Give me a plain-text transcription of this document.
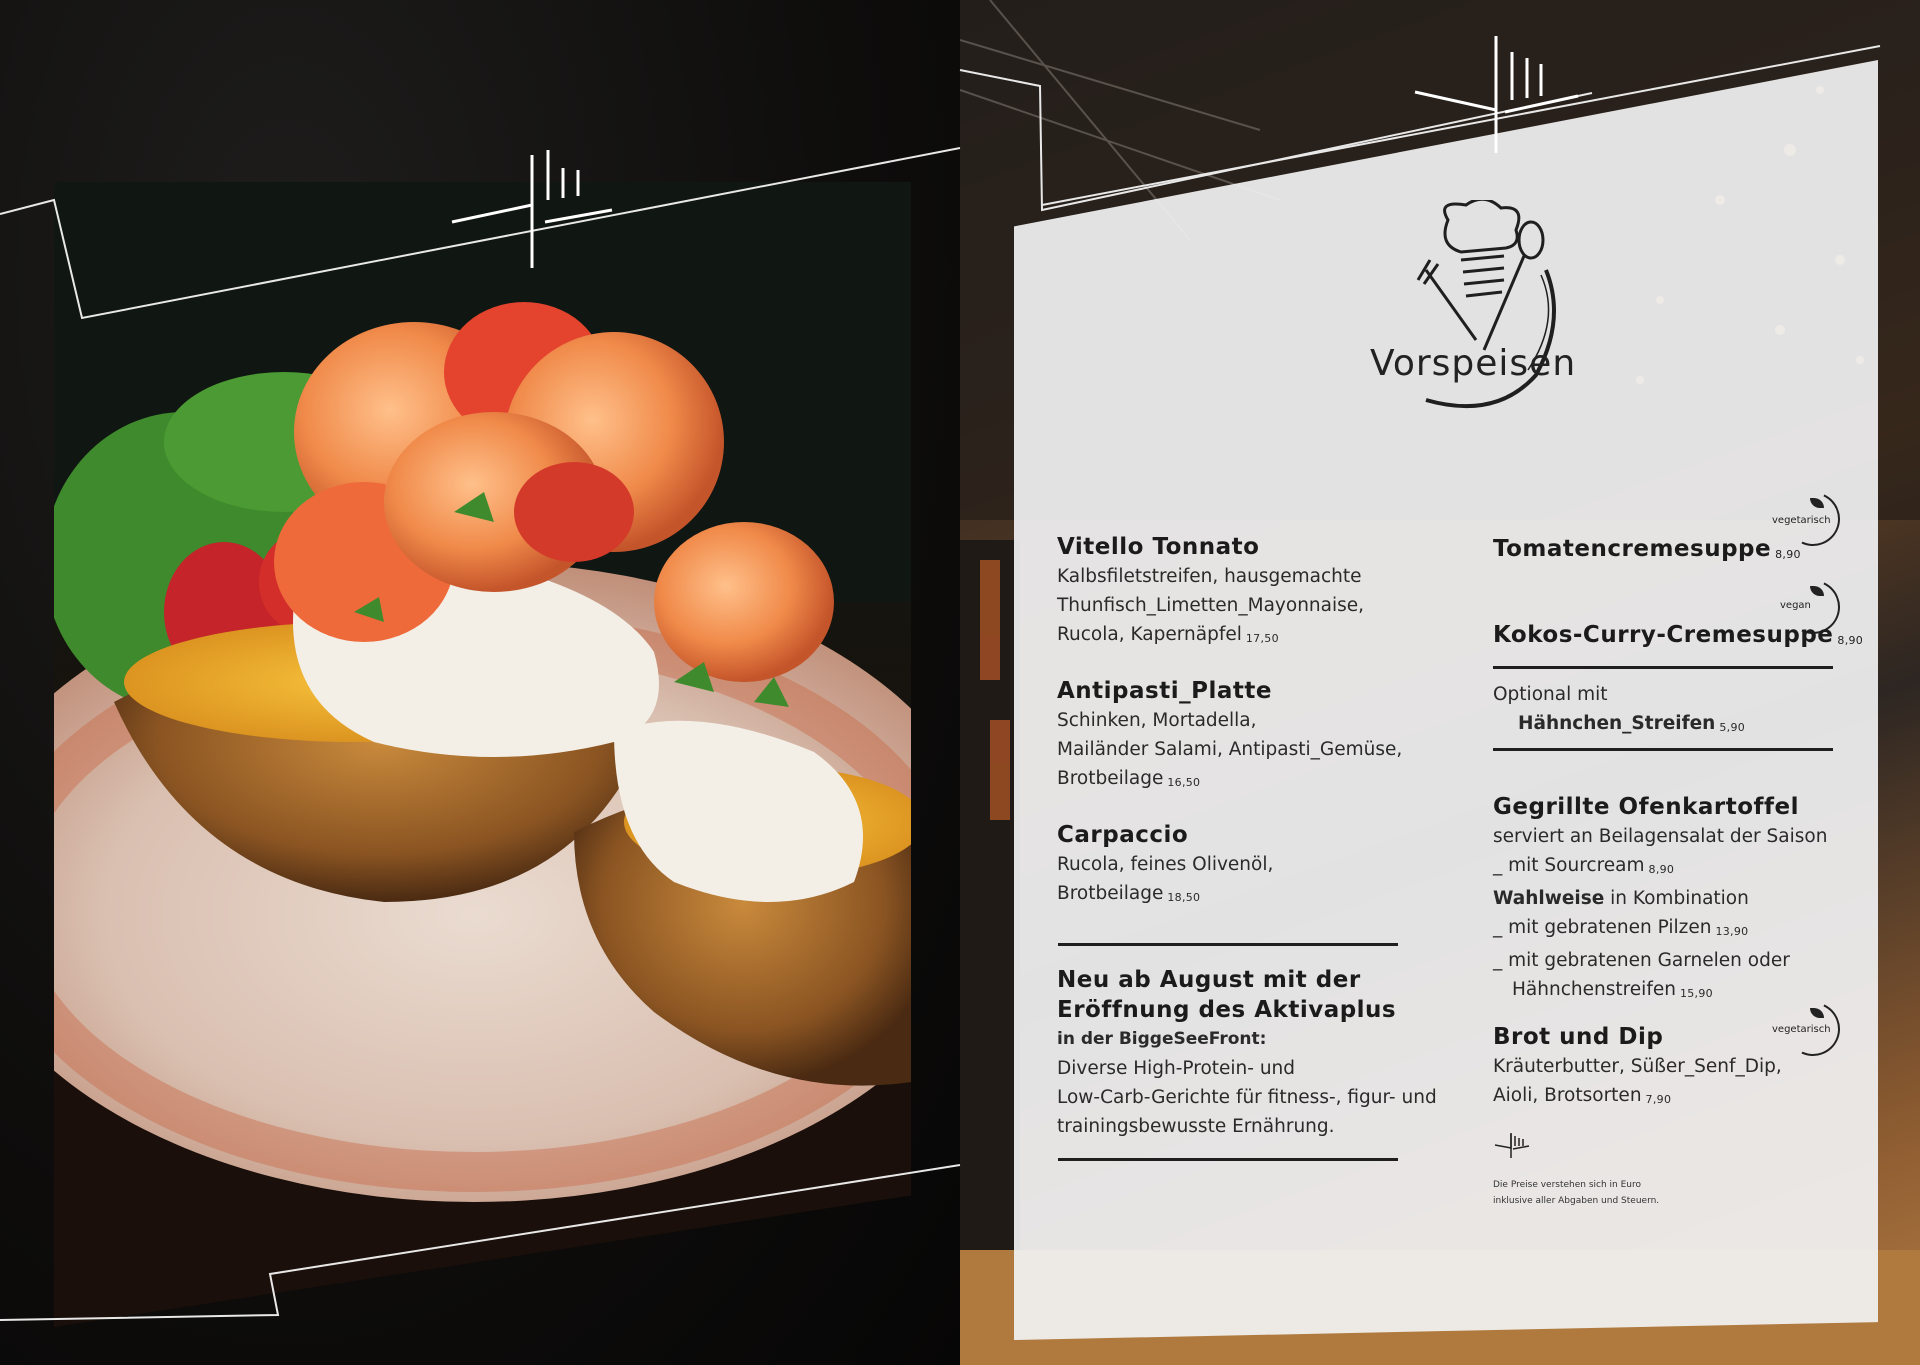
Vorspeisen
Vitello Tonnato
Kalbsfiletstreifen, hausgemachte
Thunfisch_Limetten_Mayonnaise,
Rucola, Kapernäpfel 17,50
Antipasti_Platte
Schinken, Mortadella,
Mailänder Salami, Antipasti_Gemüse,
Brotbeilage 16,50
Carpaccio
Rucola, feines Olivenöl,
Brotbeilage 18,50
Neu ab August mit der
Eröffnung des Aktivaplus
in der BiggeSeeFront:
Diverse High-Protein- und
Low-Carb-Gerichte für fitness-, figur- und
trainingsbewusste Ernährung.
vegetarisch
Tomatencremesuppe 8,90
vegan
Kokos-Curry-Cremesuppe 8,90
Optional mit
Hähnchen_Streifen 5,90
Gegrillte Ofenkartoffel
serviert an Beilagensalat der Saison
_ mit Sourcream 8,90
Wahlweise in Kombination
_ mit gebratenen Pilzen 13,90
_ mit gebratenen Garnelen oder
Hähnchenstreifen 15,90
vegetarisch
Brot und Dip
Kräuterbutter, Süßer_Senf_Dip,
Aioli, Brotsorten 7,90
Die Preise verstehen sich in Euro
inklusive aller Abgaben und Steuern.
